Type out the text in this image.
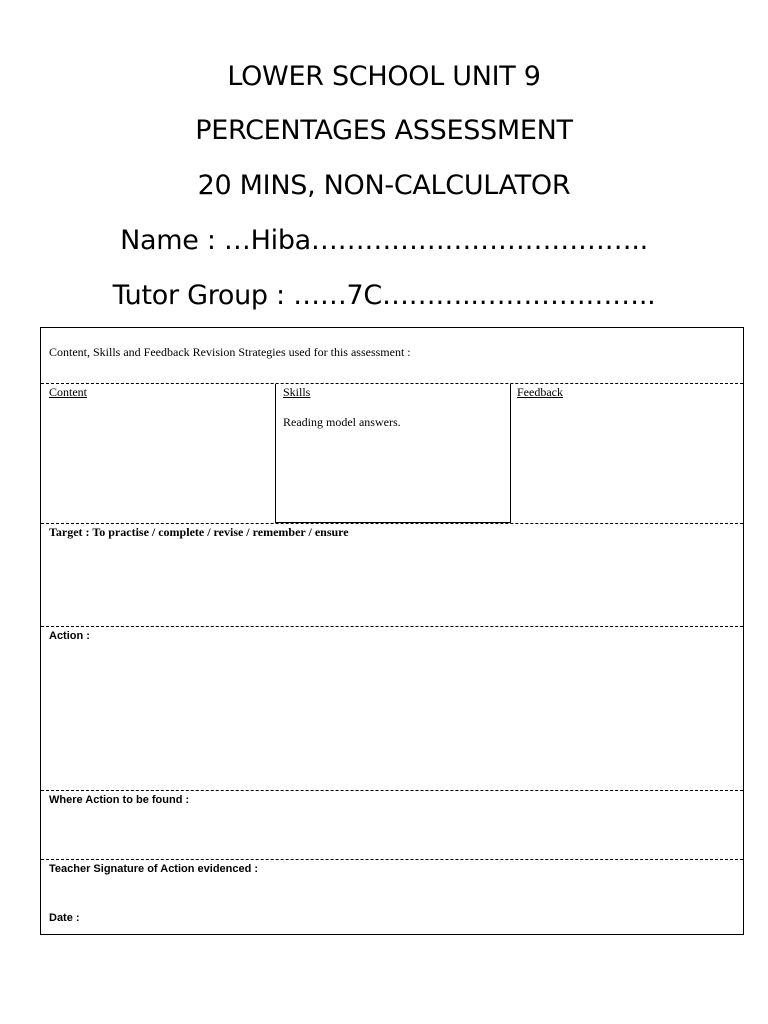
LOWER SCHOOL UNIT 9
PERCENTAGES ASSESSMENT
20 MINS, NON-CALCULATOR
Name : …Hiba………………………………..
Tutor Group : ……7C………..………………..
Content, Skills and Feedback Revision Strategies used for this assessment :
Content	Skills
Reading model answers.
Feedback
Target : To practise / complete / revise / remember / ensure
Action :
Where Action to be found :
Teacher Signature of Action evidenced :
Date :
